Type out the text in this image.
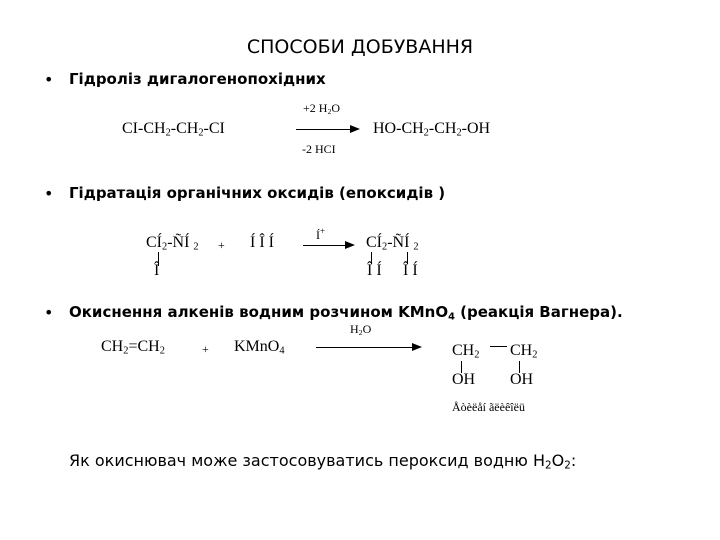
СПОСОБИ ДОБУВАННЯ
• Гідроліз дигалогенопохідних
$CI-CH_2-CH_2-CI$
+2 $H_2O$
-2 HCI
$HO-CH_2-CH_2-OH$
• Гідратація органічних оксидів (епоксидів )
$CÍ_2-ÑÍ$ $_2$ + Í Î Í
Î
Í+
$CÍ_2-ÑÍ$ $_2$
Î Í Î Í
• Окиснення алкенів водним розчином KMnO$_4$ (реакція Вагнера).
$H_2O$
$CH_2=CH_2$	+ KMnO$_4$	$CH_2$ $CH_2$
OH OH
Åòèëåí ãëèêîëü
Як окиснювач може застосовуватись пероксид водню $H_2O_2$:
